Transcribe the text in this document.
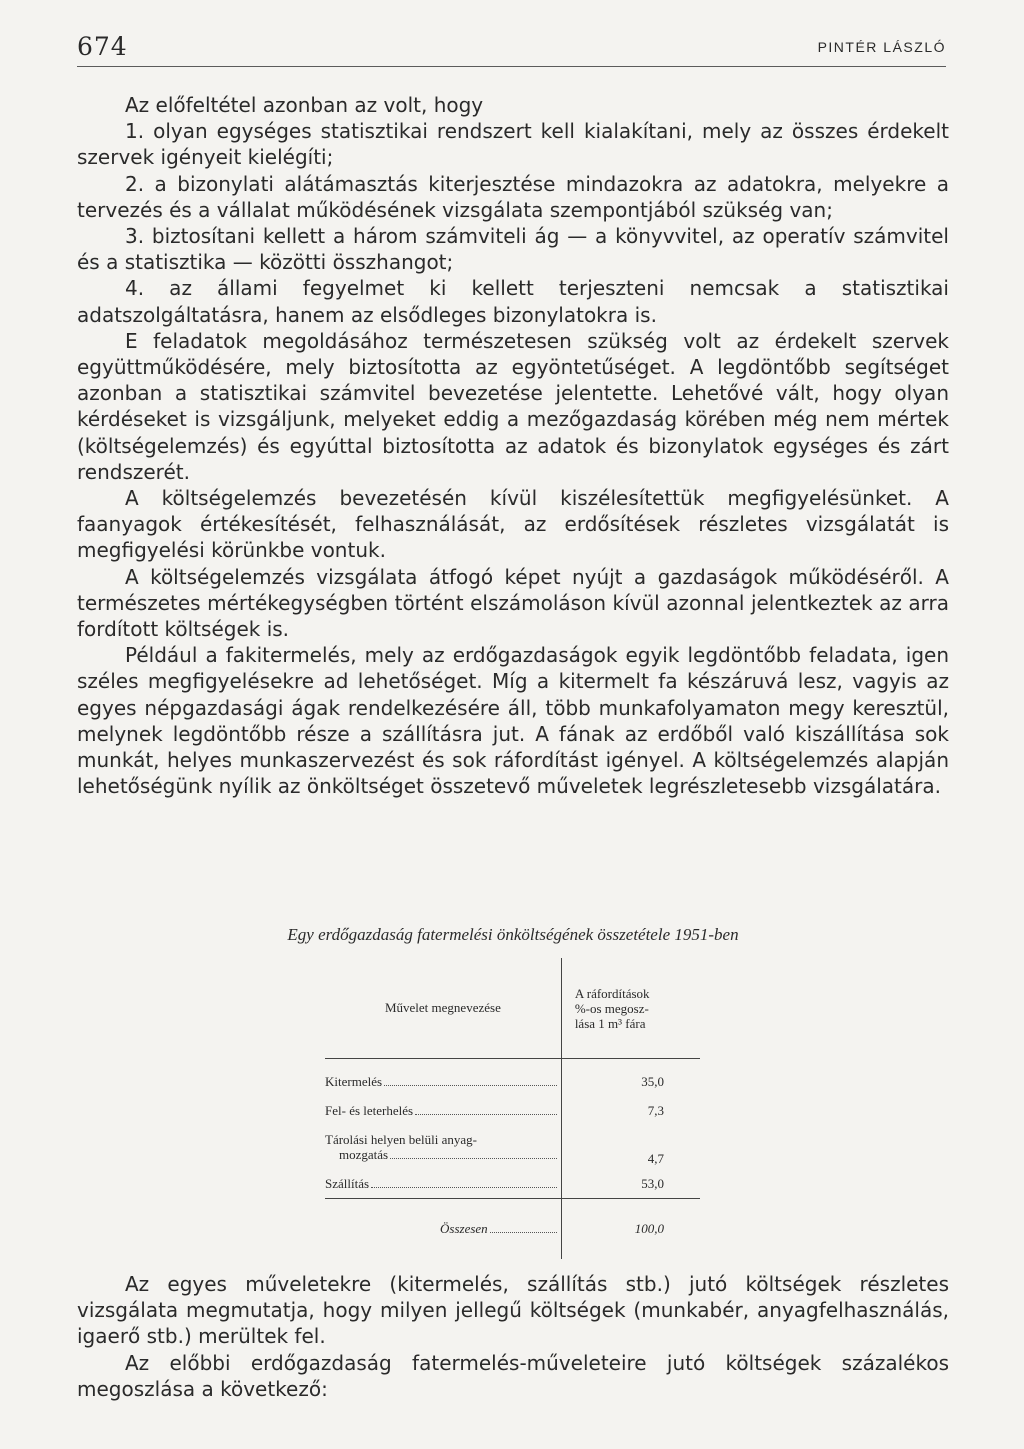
674	PINTÉR LÁSZLÓ

Az előfeltétel azonban az volt, hogy

1. olyan egységes statisztikai rendszert kell kialakítani, mely az összes érdekelt szervek igényeit kielégíti;

2. a bizonylati alátámasztás kiterjesztése mindazokra az adatokra, melyekre a tervezés és a vállalat működésének vizsgálata szempontjából szükség van;

3. biztosítani kellett a három számviteli ág — a könyvvitel, az operatív számvitel és a statisztika — közötti összhangot;

4. az állami fegyelmet ki kellett terjeszteni nemcsak a statisztikai adatszolgáltatásra, hanem az elsődleges bizonylatokra is.

E feladatok megoldásához természetesen szükség volt az érdekelt szervek együttműködésére, mely biztosította az egyöntetűséget. A legdöntőbb segítséget azonban a statisztikai számvitel bevezetése jelentette. Lehetővé vált, hogy olyan kérdéseket is vizsgáljunk, melyeket eddig a mezőgazdaság körében még nem mértek (költségelemzés) és egyúttal biztosította az adatok és bizonylatok egységes és zárt rendszerét.

A költségelemzés bevezetésén kívül kiszélesítettük megfigyelésünket. A faanyagok értékesítését, felhasználását, az erdősítések részletes vizsgálatát is megfigyelési körünkbe vontuk.

A költségelemzés vizsgálata átfogó képet nyújt a gazdaságok működéséről. A természetes mértékegységben történt elszámoláson kívül azonnal jelentkeztek az arra fordított költségek is.

Például a fakitermelés, mely az erdőgazdaságok egyik legdöntőbb feladata, igen széles megfigyelésekre ad lehetőséget. Míg a kitermelt fa készáruvá lesz, vagyis az egyes népgazdasági ágak rendelkezésére áll, több munkafolyamaton megy keresztül, melynek legdöntőbb része a szállításra jut. A fának az erdőből való kiszállítása sok munkát, helyes munkaszervezést és sok ráfordítást igényel. A költségelemzés alapján lehetőségünk nyílik az önköltséget összetevő műveletek legrészletesebb vizsgálatára.

Egy erdőgazdaság fatermelési önköltségének összetétele 1951-ben
Művelet megnevezése	A ráfordítások
%-os megosz-
lása 1 m³ fára

Kitermelés	35,0

Fel- és leterhelés	7,3

Tárolási helyen belüli anyag-
mozgatás	4,7

Szállítás	53,0

Összesen	100,0

Az egyes műveletekre (kitermelés, szállítás stb.) jutó költségek részletes vizsgálata megmutatja, hogy milyen jellegű költségek (munkabér, anyagfelhasználás, igaerő stb.) merültek fel.

Az előbbi erdőgazdaság fatermelés-műveleteire jutó költségek százalékos megoszlása a következő:
